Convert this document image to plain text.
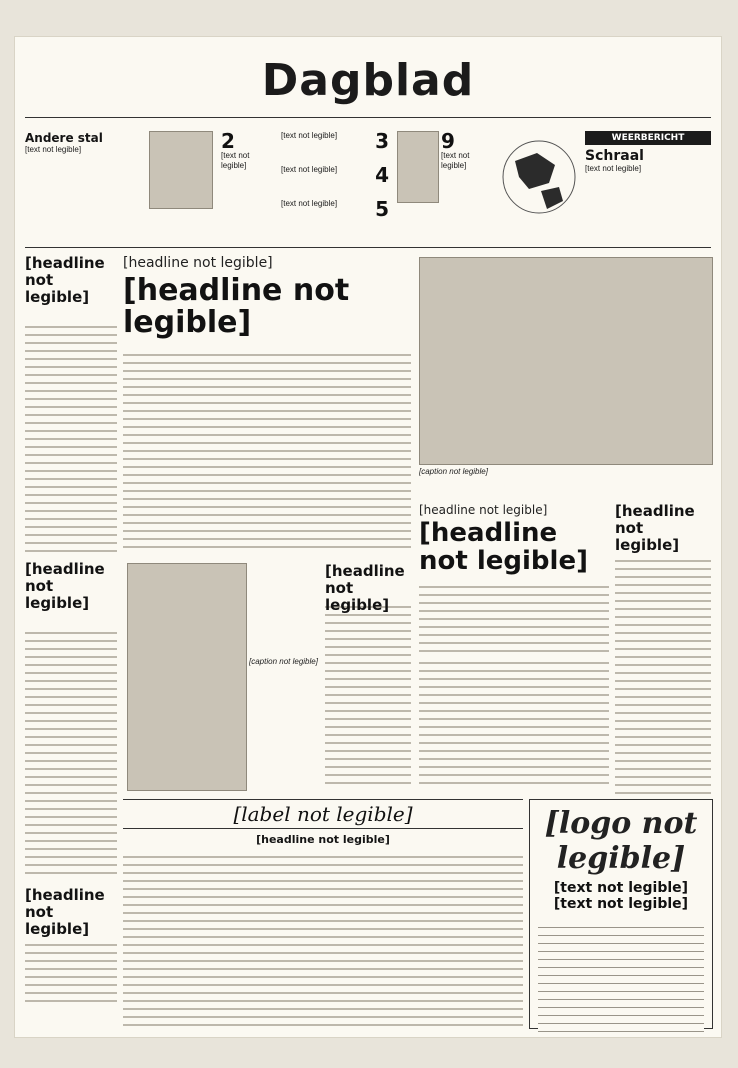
Dagblad
Andere stal
[text not legible]	2
[text not legible]
[text not legible]	3
[text not legible]	4
[text not legible]	5
9
[text not legible]
WEERBERICHT
Schraal
[text not legible]
[headline not legible]
[headline not legible]
[headline not legible]
[headline not legible]
[headline not legible]
[caption not legible]
[headline not legible]
[headline not legible]
[headline not legible]
[caption not legible]
[headline not legible]
[label not legible]
[headline not legible]	[logo not legible]
[text not legible]
[text not legible]
